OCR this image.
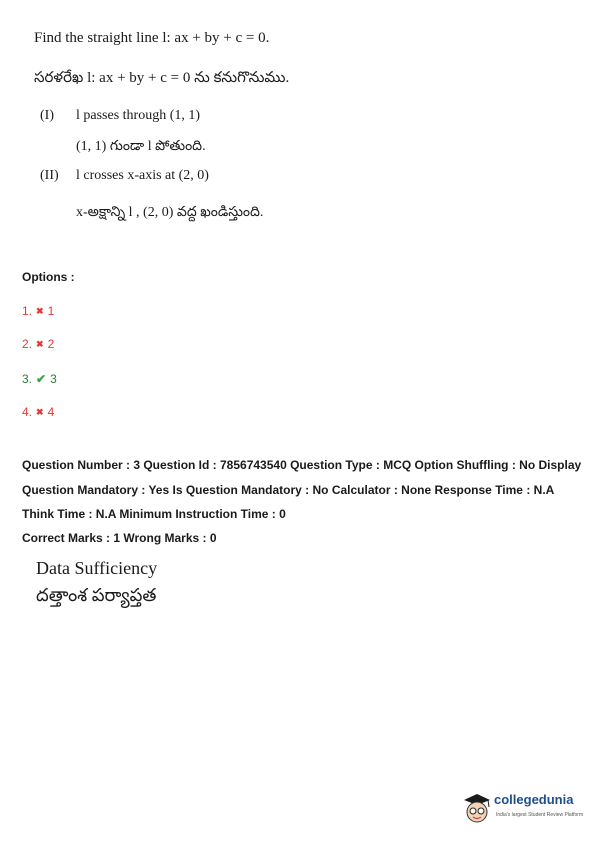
Find the straight line l: ax + by + c = 0.
సరళరేఖ l: ax + by + c = 0 ను కనుగొనుము.
(I) l passes through (1, 1)
(1, 1) గుండా l పోతుంది.
(II) l crosses x-axis at (2, 0)
x-అక్షాన్ని l , (2, 0) వద్ద ఖండిస్తుంది.
Options :
1. ✖ 1
2. ✖ 2
3. ✔ 3
4. ✖ 4
Question Number : 3 Question Id : 7856743540 Question Type : MCQ Option Shuffling : No Display Question Mandatory : Yes Is Question Mandatory : No Calculator : None Response Time : N.A Think Time : N.A Minimum Instruction Time : 0
Correct Marks : 1 Wrong Marks : 0
Data Sufficiency
దత్తాంశ పర్యాప్తత
collegedunia
India's largest Student Review Platform
